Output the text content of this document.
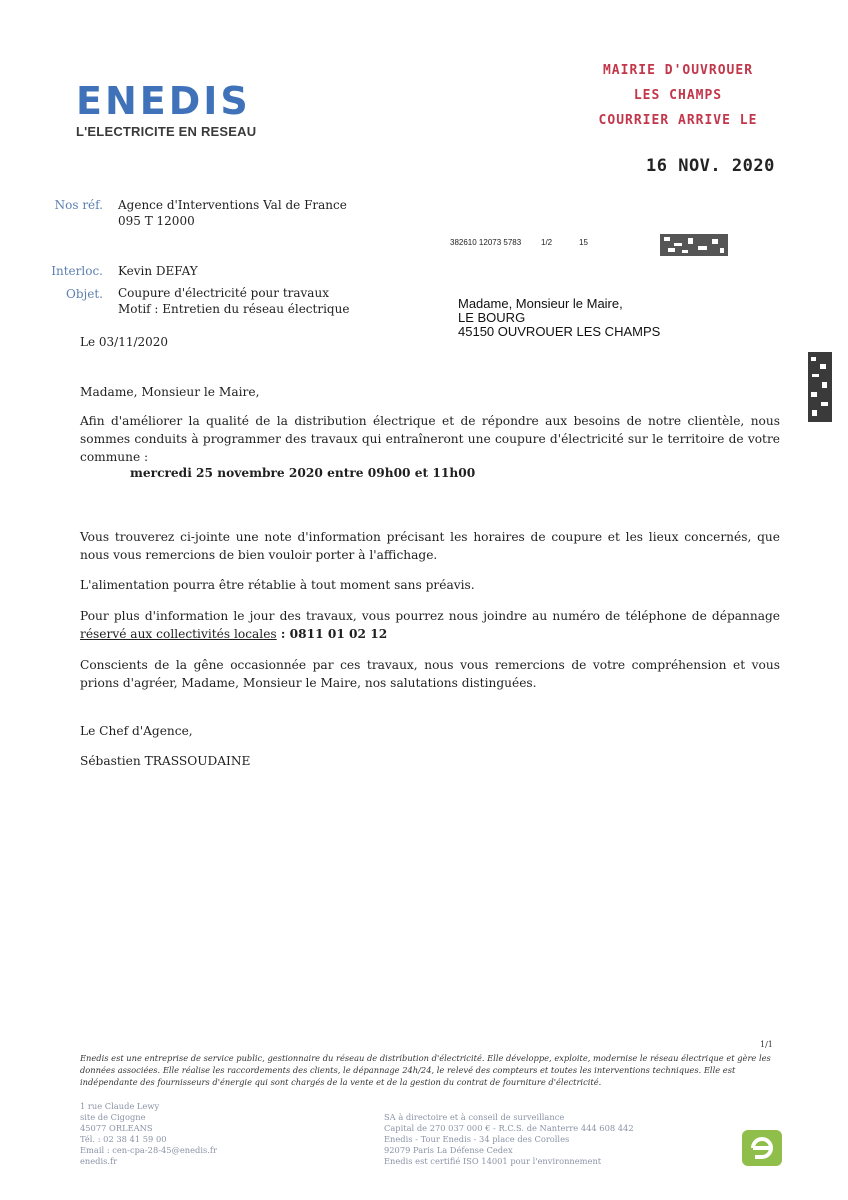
ENEDIS
L'ELECTRICITE EN RESEAU
MAIRIE D'OUVROUER
LES CHAMPS
COURRIER ARRIVE LE
16 NOV. 2020
Nos réf. Agence d'Interventions Val de France
095 T 12000
382610 12073 5783 1/2	15
Interloc. Kevin DEFAY
Objet. Coupure d'électricité pour travaux
Motif : Entretien du réseau électrique	Madame, Monsieur le Maire,
LE BOURG
45150 OUVROUER LES CHAMPS
Le 03/11/2020
Madame, Monsieur le Maire,
Afin d'améliorer la qualité de la distribution électrique et de répondre aux besoins de notre clientèle, nous sommes conduits à programmer des travaux qui entraîneront une coupure d'électricité sur le territoire de votre commune :
mercredi 25 novembre 2020 entre 09h00 et 11h00
Vous trouverez ci-jointe une note d'information précisant les horaires de coupure et les lieux concernés, que nous vous remercions de bien vouloir porter à l'affichage.
L'alimentation pourra être rétablie à tout moment sans préavis.
Pour plus d'information le jour des travaux, vous pourrez nous joindre au numéro de téléphone de dépannage réservé aux collectivités locales : 0811 01 02 12
Conscients de la gêne occasionnée par ces travaux, nous vous remercions de votre compréhension et vous prions d'agréer, Madame, Monsieur le Maire, nos salutations distinguées.
Le Chef d'Agence,
Sébastien TRASSOUDAINE
1/1
Enedis est une entreprise de service public, gestionnaire du réseau de distribution d'électricité. Elle développe, exploite, modernise le réseau électrique et gère les données associées. Elle réalise les raccordements des clients, le dépannage 24h/24, le relevé des compteurs et toutes les interventions techniques. Elle est indépendante des fournisseurs d'énergie qui sont chargés de la vente et de la gestion du contrat de fourniture d'électricité.
1 rue Claude Lewy
site de Cigogne
45077 ORLEANS
Tél. : 02 38 41 59 00
Email : cen-cpa-28-45@enedis.fr
enedis.fr
SA à directoire et à conseil de surveillance
Capital de 270 037 000 € - R.C.S. de Nanterre 444 608 442
Enedis - Tour Enedis - 34 place des Corolles
92079 Paris La Défense Cedex
Enedis est certifié ISO 14001 pour l'environnement
